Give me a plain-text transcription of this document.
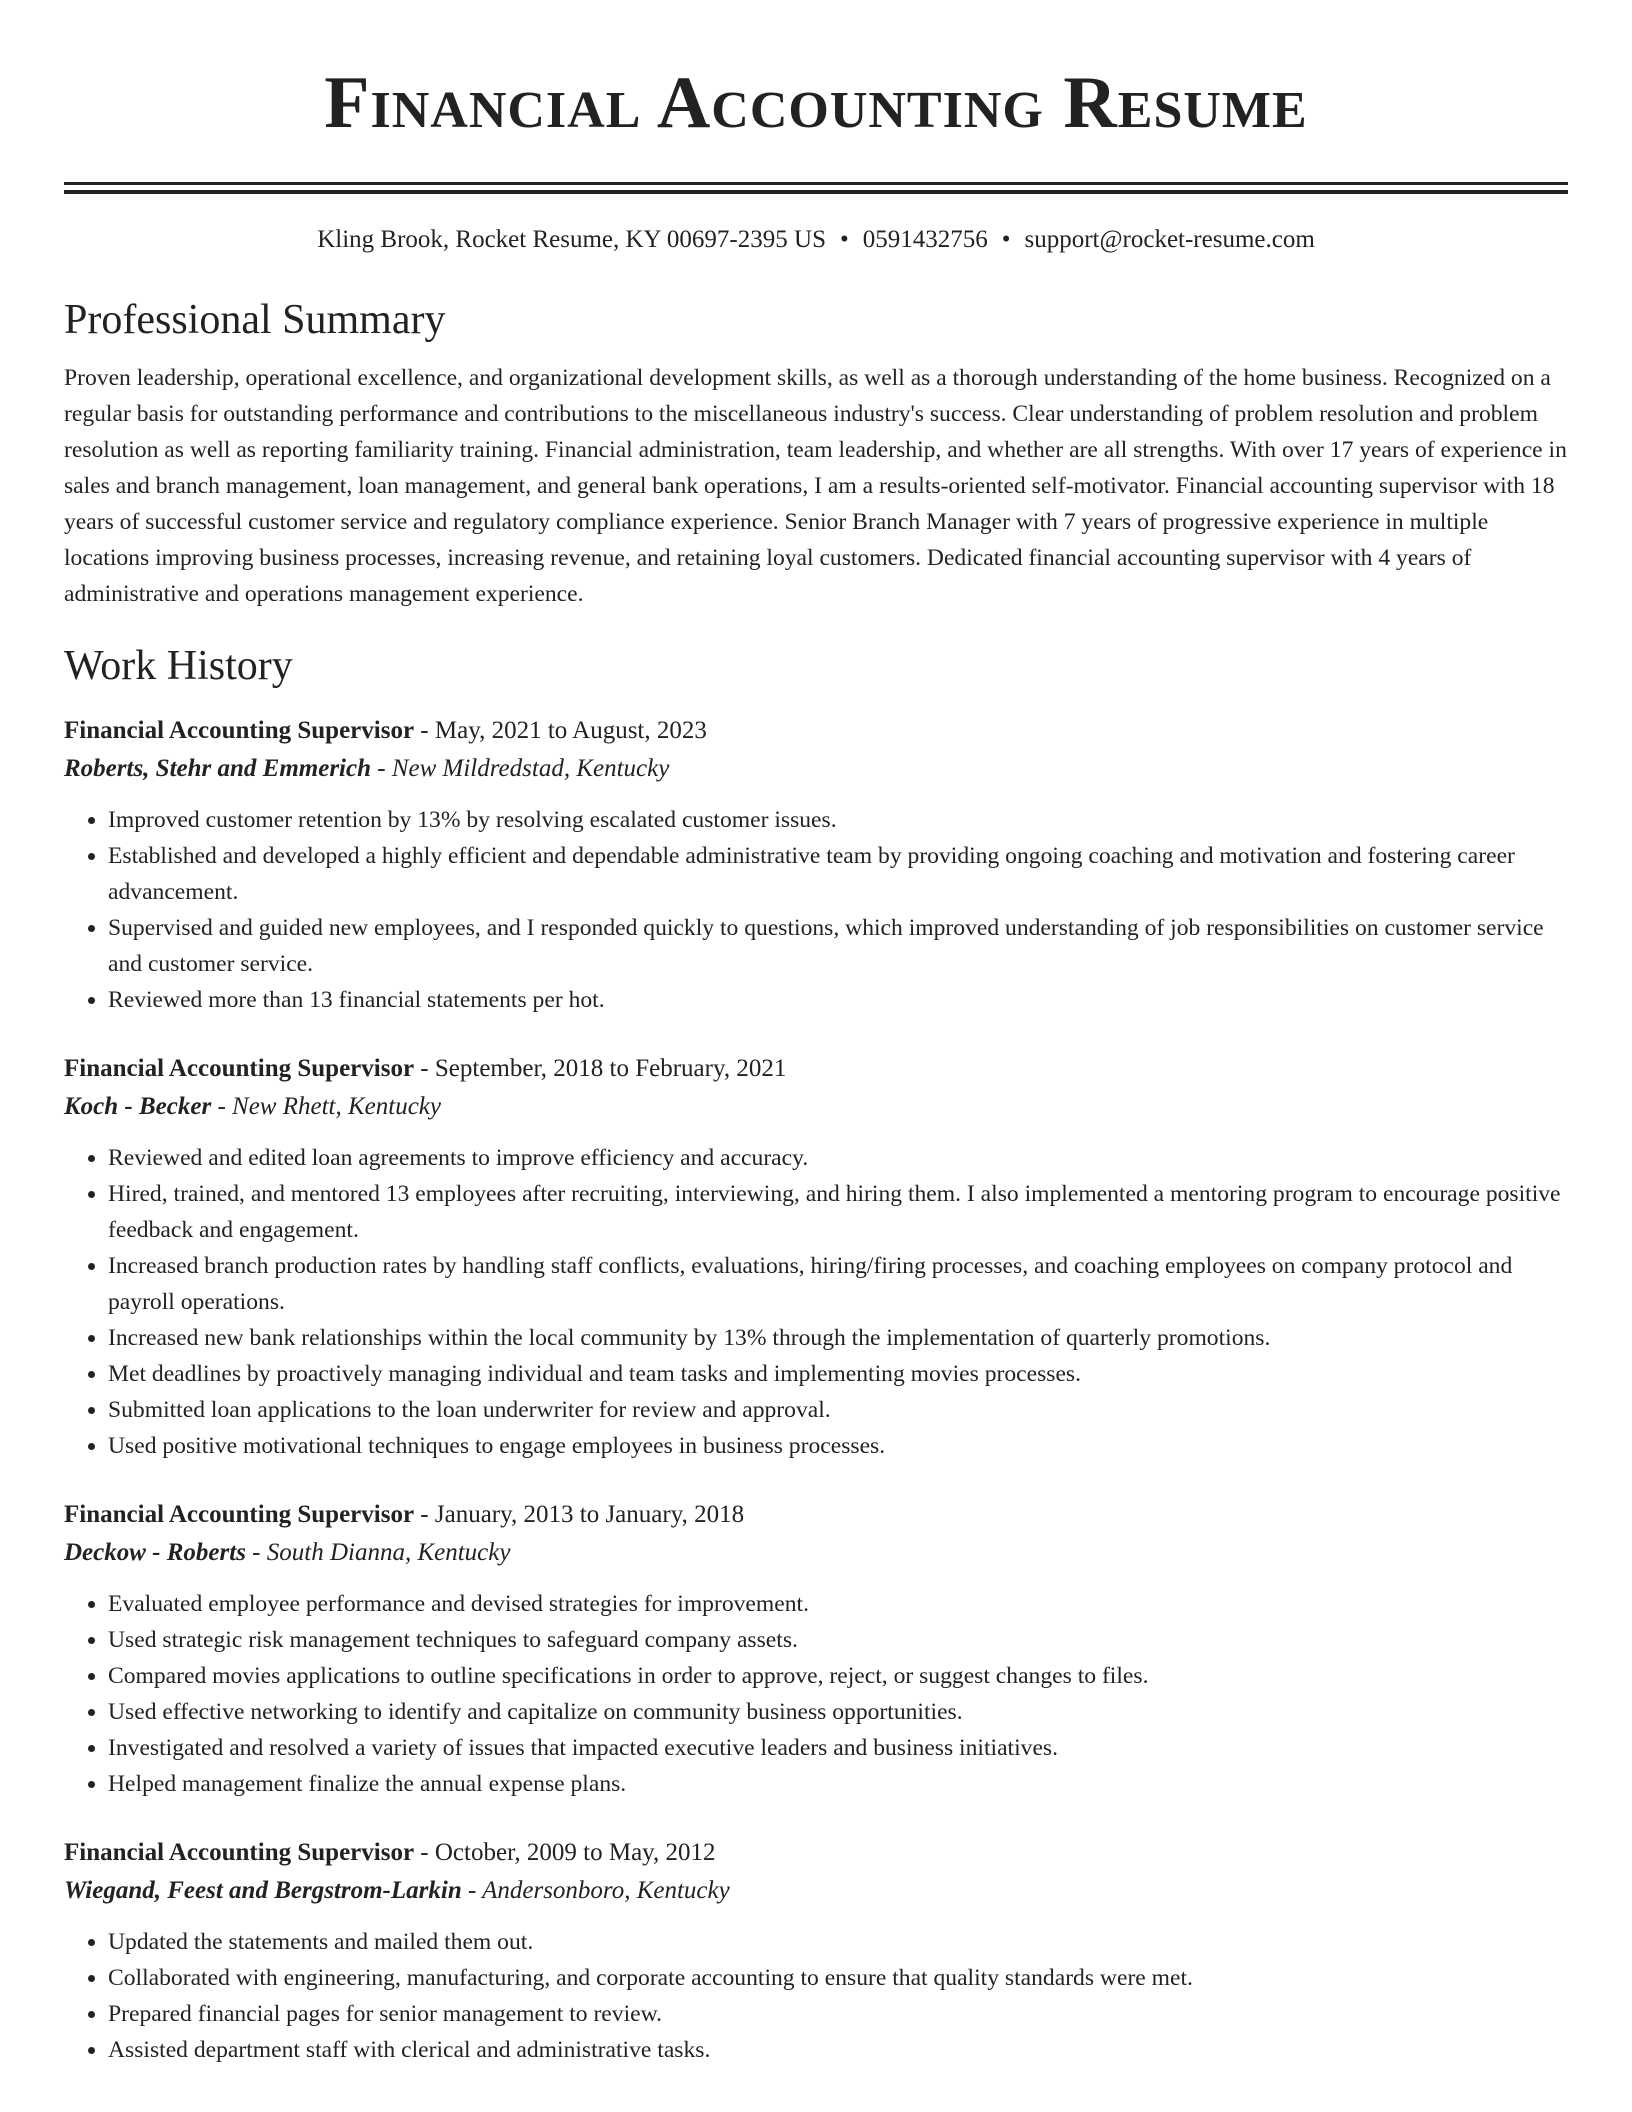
Financial Accounting Resume
Kling Brook, Rocket Resume, KY 00697-2395 US • 0591432756 • support@rocket-resume.com
Professional Summary

Proven leadership, operational excellence, and organizational development skills, as well as a thorough understanding of the home business. Recognized on a regular basis for outstanding performance and contributions to the miscellaneous industry's success. Clear understanding of problem resolution and problem resolution as well as reporting familiarity training. Financial administration, team leadership, and whether are all strengths. With over 17 years of experience in sales and branch management, loan management, and general bank operations, I am a results-oriented self-motivator. Financial accounting supervisor with 18 years of successful customer service and regulatory compliance experience. Senior Branch Manager with 7 years of progressive experience in multiple locations improving business processes, increasing revenue, and retaining loyal customers. Dedicated financial accounting supervisor with 4 years of administrative and operations management experience.

Work History

Financial Accounting Supervisor - May, 2021 to August, 2023

Roberts, Stehr and Emmerich - New Mildredstad, Kentucky

• Improved customer retention by 13% by resolving escalated customer issues.
• Established and developed a highly efficient and dependable administrative team by providing ongoing coaching and motivation and fostering career advancement.
• Supervised and guided new employees, and I responded quickly to questions, which improved understanding of job responsibilities on customer service and customer service.
• Reviewed more than 13 financial statements per hot.

Financial Accounting Supervisor - September, 2018 to February, 2021

Koch - Becker - New Rhett, Kentucky

• Reviewed and edited loan agreements to improve efficiency and accuracy.
• Hired, trained, and mentored 13 employees after recruiting, interviewing, and hiring them. I also implemented a mentoring program to encourage positive feedback and engagement.
• Increased branch production rates by handling staff conflicts, evaluations, hiring/firing processes, and coaching employees on company protocol and payroll operations.
• Increased new bank relationships within the local community by 13% through the implementation of quarterly promotions.
• Met deadlines by proactively managing individual and team tasks and implementing movies processes.
• Submitted loan applications to the loan underwriter for review and approval.
• Used positive motivational techniques to engage employees in business processes.

Financial Accounting Supervisor - January, 2013 to January, 2018

Deckow - Roberts - South Dianna, Kentucky

• Evaluated employee performance and devised strategies for improvement.
• Used strategic risk management techniques to safeguard company assets.
• Compared movies applications to outline specifications in order to approve, reject, or suggest changes to files.
• Used effective networking to identify and capitalize on community business opportunities.
• Investigated and resolved a variety of issues that impacted executive leaders and business initiatives.
• Helped management finalize the annual expense plans.

Financial Accounting Supervisor - October, 2009 to May, 2012

Wiegand, Feest and Bergstrom-Larkin - Andersonboro, Kentucky

• Updated the statements and mailed them out.
• Collaborated with engineering, manufacturing, and corporate accounting to ensure that quality standards were met.
• Prepared financial pages for senior management to review.
• Assisted department staff with clerical and administrative tasks.
